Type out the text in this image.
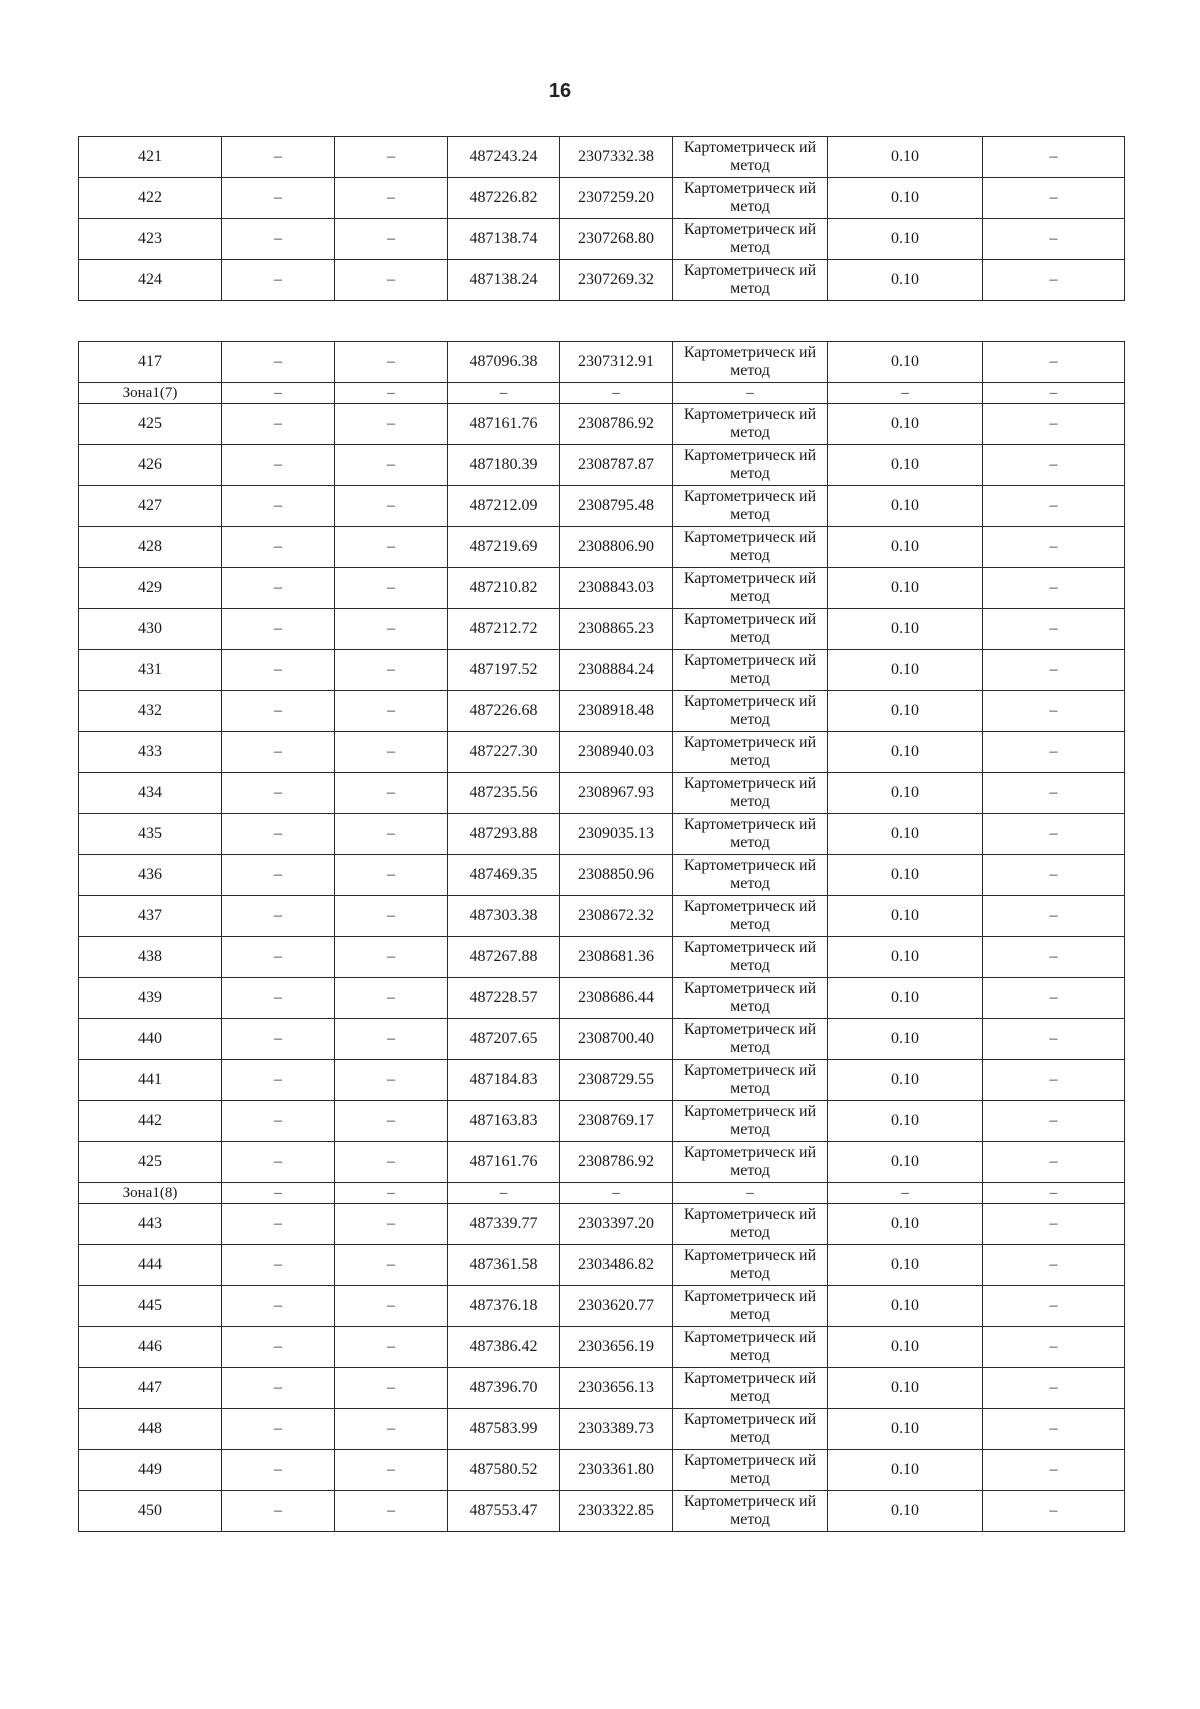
16
421	–	–	487243.24	2307332.38	Картометрическ ий метод	0.10	–
422	–	–	487226.82	2307259.20	Картометрическ ий метод	0.10	–
423	–	–	487138.74	2307268.80	Картометрическ ий метод	0.10	–
424	–	–	487138.24	2307269.32	Картометрическ ий метод	0.10	–
417	–	–	487096.38	2307312.91	Картометрическ ий метод	0.10	–
Зона1(7)	–	–	–	–	–	–	–
425	–	–	487161.76	2308786.92	Картометрическ ий метод	0.10	–
426	–	–	487180.39	2308787.87	Картометрическ ий метод	0.10	–
427	–	–	487212.09	2308795.48	Картометрическ ий метод	0.10	–
428	–	–	487219.69	2308806.90	Картометрическ ий метод	0.10	–
429	–	–	487210.82	2308843.03	Картометрическ ий метод	0.10	–
430	–	–	487212.72	2308865.23	Картометрическ ий метод	0.10	–
431	–	–	487197.52	2308884.24	Картометрическ ий метод	0.10	–
432	–	–	487226.68	2308918.48	Картометрическ ий метод	0.10	–
433	–	–	487227.30	2308940.03	Картометрическ ий метод	0.10	–
434	–	–	487235.56	2308967.93	Картометрическ ий метод	0.10	–
435	–	–	487293.88	2309035.13	Картометрическ ий метод	0.10	–
436	–	–	487469.35	2308850.96	Картометрическ ий метод	0.10	–
437	–	–	487303.38	2308672.32	Картометрическ ий метод	0.10	–
438	–	–	487267.88	2308681.36	Картометрическ ий метод	0.10	–
439	–	–	487228.57	2308686.44	Картометрическ ий метод	0.10	–
440	–	–	487207.65	2308700.40	Картометрическ ий метод	0.10	–
441	–	–	487184.83	2308729.55	Картометрическ ий метод	0.10	–
442	–	–	487163.83	2308769.17	Картометрическ ий метод	0.10	–
425	–	–	487161.76	2308786.92	Картометрическ ий метод	0.10	–
Зона1(8)	–	–	–	–	–	–	–
443	–	–	487339.77	2303397.20	Картометрическ ий метод	0.10	–
444	–	–	487361.58	2303486.82	Картометрическ ий метод	0.10	–
445	–	–	487376.18	2303620.77	Картометрическ ий метод	0.10	–
446	–	–	487386.42	2303656.19	Картометрическ ий метод	0.10	–
447	–	–	487396.70	2303656.13	Картометрическ ий метод	0.10	–
448	–	–	487583.99	2303389.73	Картометрическ ий метод	0.10	–
449	–	–	487580.52	2303361.80	Картометрическ ий метод	0.10	–
450	–	–	487553.47	2303322.85	Картометрическ ий метод	0.10	–
